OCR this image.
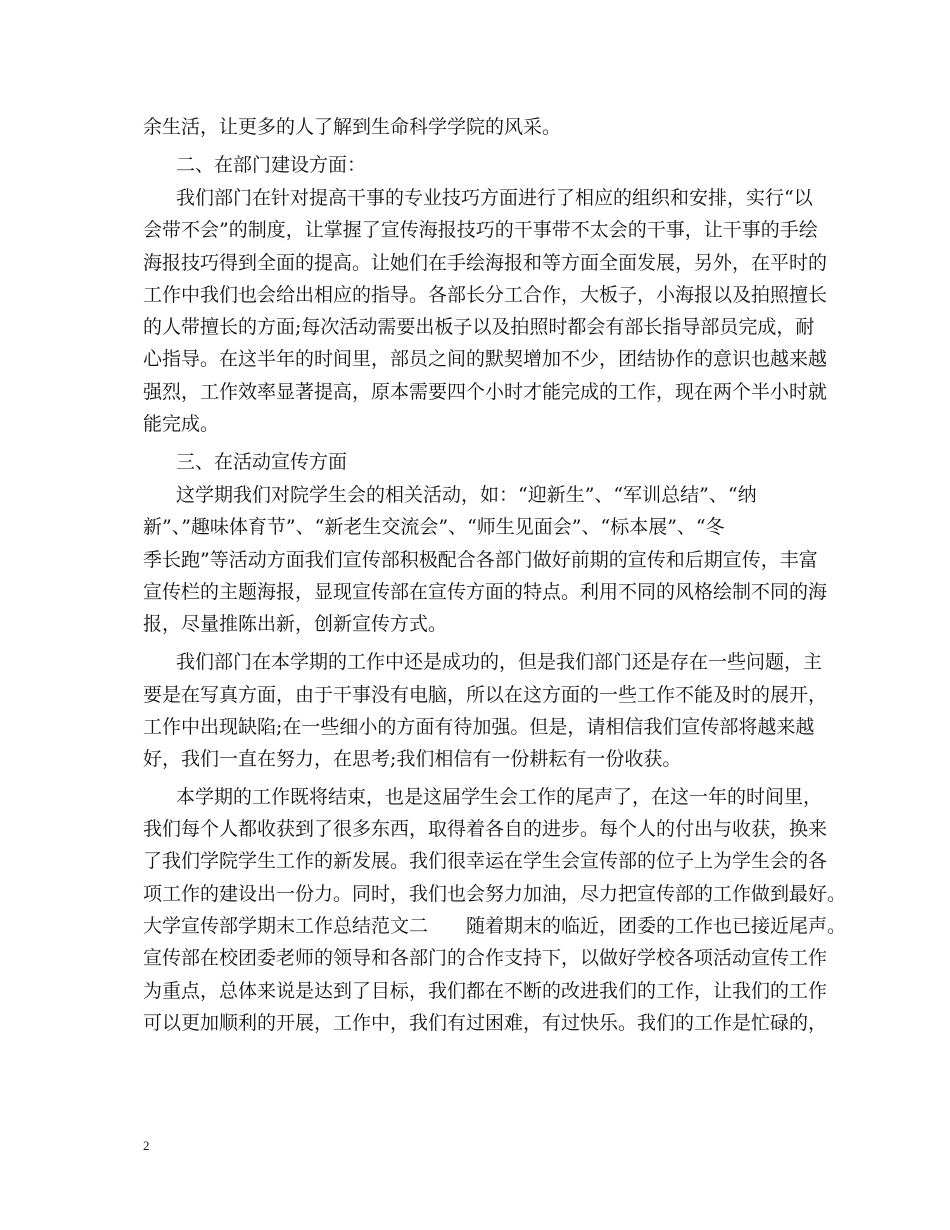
余生活，让更多的人了解到生命科学学院的风采。
二、在部门建设方面：
我们部门在针对提高干事的专业技巧方面进行了相应的组织和安排，实行“以
会带不会”的制度，让掌握了宣传海报技巧的干事带不太会的干事，让干事的手绘
海报技巧得到全面的提高。让她们在手绘海报和等方面全面发展，另外，在平时的
工作中我们也会给出相应的指导。各部长分工合作，大板子，小海报以及拍照擅长
的人带擅长的方面;每次活动需要出板子以及拍照时都会有部长指导部员完成，耐
心指导。在这半年的时间里，部员之间的默契增加不少，团结协作的意识也越来越
强烈，工作效率显著提高，原本需要四个小时才能完成的工作，现在两个半小时就
能完成。
三、在活动宣传方面
这学期我们对院学生会的相关活动，如：“迎新生”、“军训总结”、“纳
新”、”趣味体育节”、“新老生交流会”、“师生见面会”、“标本展”、“冬
季长跑”等活动方面我们宣传部积极配合各部门做好前期的宣传和后期宣传，丰富
宣传栏的主题海报，显现宣传部在宣传方面的特点。利用不同的风格绘制不同的海
报，尽量推陈出新，创新宣传方式。
我们部门在本学期的工作中还是成功的，但是我们部门还是存在一些问题，主
要是在写真方面，由于干事没有电脑，所以在这方面的一些工作不能及时的展开，
工作中出现缺陷;在一些细小的方面有待加强。但是，请相信我们宣传部将越来越
好，我们一直在努力，在思考;我们相信有一份耕耘有一份收获。
本学期的工作既将结束，也是这届学生会工作的尾声了，在这一年的时间里，
我们每个人都收获到了很多东西，取得着各自的进步。每个人的付出与收获，换来
了我们学院学生工作的新发展。我们很幸运在学生会宣传部的位子上为学生会的各
项工作的建设出一份力。同时，我们也会努力加油，尽力把宣传部的工作做到最好。
大学宣传部学期末工作总结范文二　　随着期末的临近，团委的工作也已接近尾声。
宣传部在校团委老师的领导和各部门的合作支持下，以做好学校各项活动宣传工作
为重点，总体来说是达到了目标，我们都在不断的改进我们的工作，让我们的工作
可以更加顺利的开展，工作中，我们有过困难，有过快乐。我们的工作是忙碌的，
2
